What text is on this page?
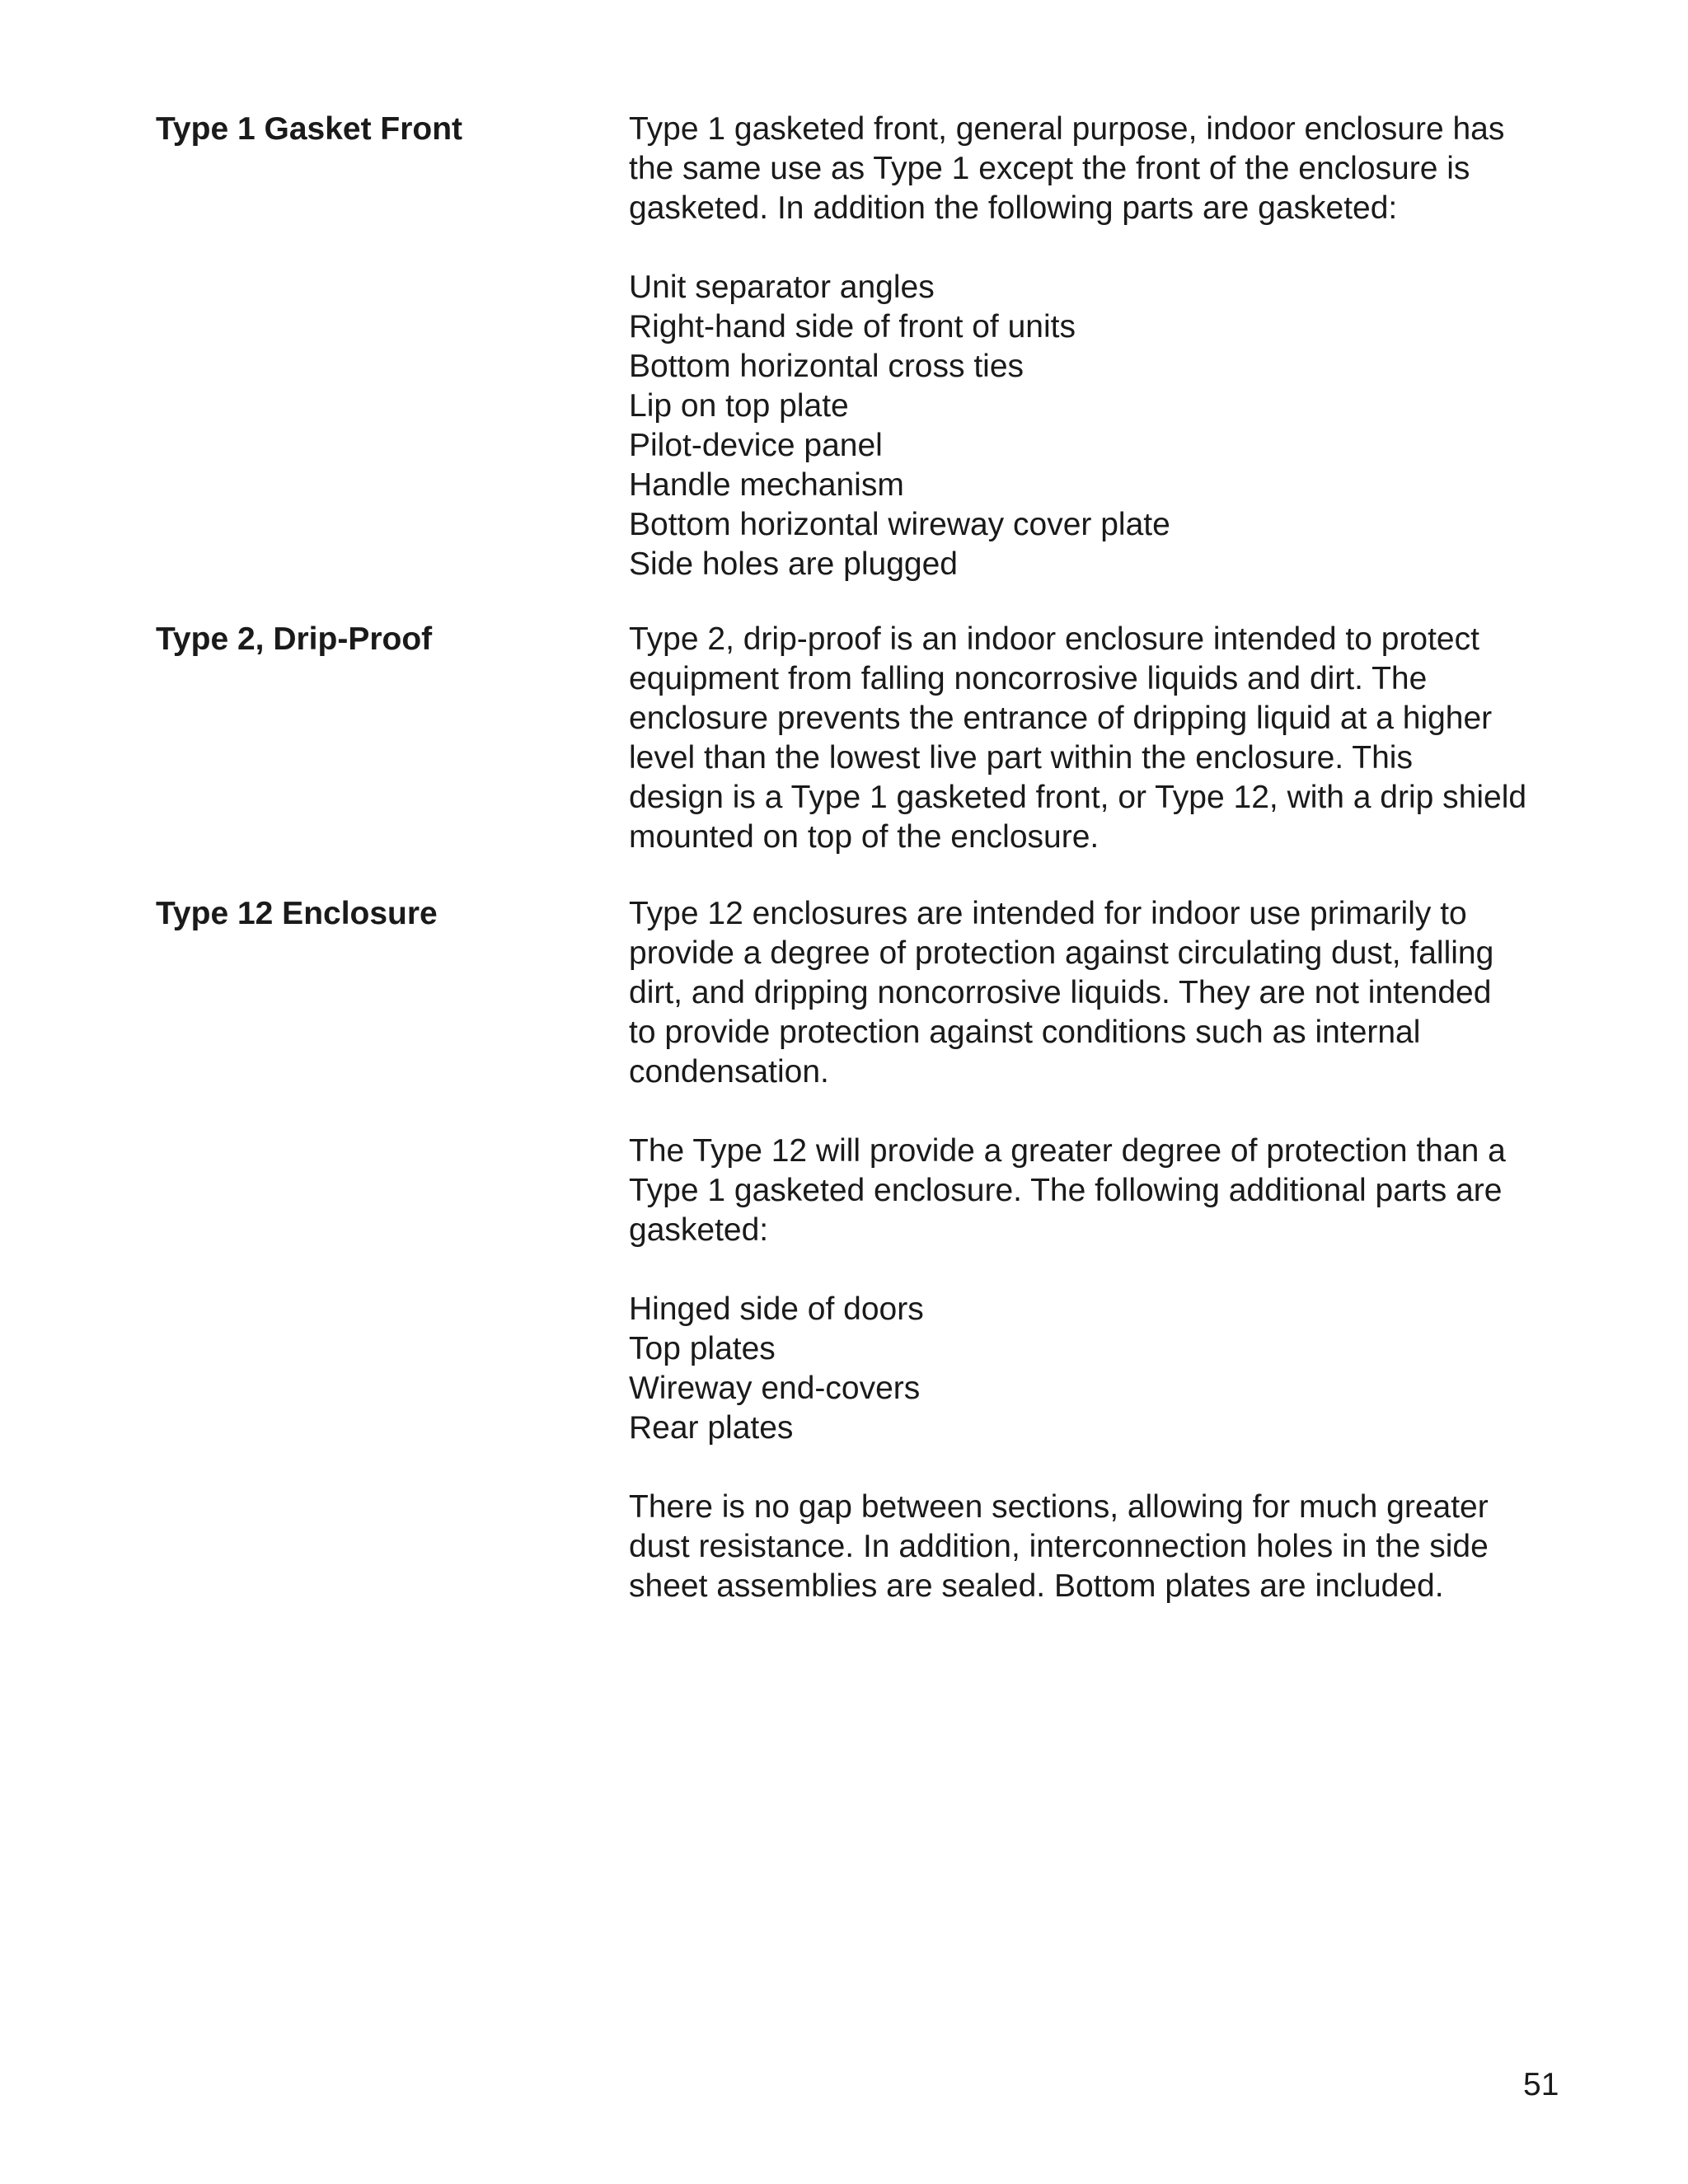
Type 1 Gasket Front	Type 1 gasketed front, general purpose, indoor enclosure has
the same use as Type 1 except the front of the enclosure is
gasketed. In addition the following parts are gasketed:

Unit separator angles
Right-hand side of front of units
Bottom horizontal cross ties
Lip on top plate
Pilot-device panel
Handle mechanism
Bottom horizontal wireway cover plate
Side holes are plugged
Type 2, Drip-Proof	Type 2, drip-proof is an indoor enclosure intended to protect
equipment from falling noncorrosive liquids and dirt. The
enclosure prevents the entrance of dripping liquid at a higher
level than the lowest live part within the enclosure. This
design is a Type 1 gasketed front, or Type 12, with a drip shield
mounted on top of the enclosure.

Type 12 Enclosure	Type 12 enclosures are intended for indoor use primarily to
provide a degree of protection against circulating dust, falling
dirt, and dripping noncorrosive liquids. They are not intended
to provide protection against conditions such as internal
condensation.

The Type 12 will provide a greater degree of protection than a
Type 1 gasketed enclosure. The following additional parts are
gasketed:

Hinged side of doors
Top plates
Wireway end-covers
Rear plates

There is no gap between sections, allowing for much greater
dust resistance. In addition, interconnection holes in the side
sheet assemblies are sealed. Bottom plates are included.

51
